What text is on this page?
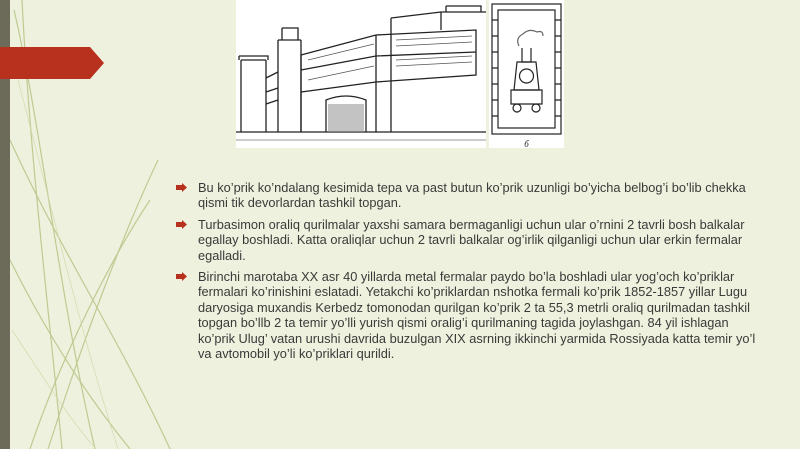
б
Bu ko’prik ko’ndalang kesimida tepa va past butun ko’prik uzunligi bo’yicha belbog’i bo’lib chekka qismi tik devorlardan tashkil topgan.
Turbasimon oraliq qurilmalar yaxshi samara bermaganligi uchun ular o’rnini 2 tavrli bosh balkalar egallay boshladi. Katta oraliqlar uchun 2 tavrli balkalar og’irlik qilganligi uchun ular erkin fermalar egalladi.
Birinchi marotaba XX asr 40 yillarda metal fermalar paydo bo’la boshladi ular yog’och ko’priklar fermalari ko’rinishini eslatadi. Yetakchi ko’priklardan nshotka fermali ko’prik 1852-1857 yillar Lugu daryosiga muxandis Kerbedz tomonodan qurilgan ko’prik 2 ta 55,3 metrli oraliq qurilmadan tashkil topgan bo’llb 2 ta temir yo’lli yurish qismi oralig’i qurilmaning tagida joylashgan. 84 yil ishlagan ko’prik Ulug’ vatan urushi davrida buzulgan XIX asrning ikkinchi yarmida Rossiyada katta temir yo’l va avtomobil yo’li ko’priklari qurildi.
